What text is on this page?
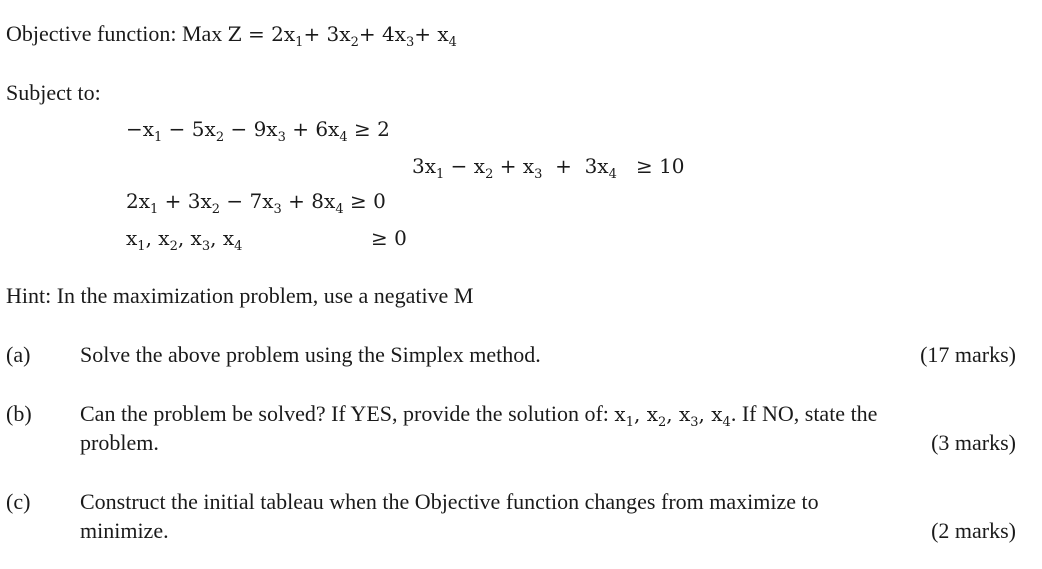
Objective function: Max $Z = 2x_1+ 3x_2+ 4x_3+ x_4$
Subject to:
$-x_1 - 5x_2 - 9x_3 + 6x_4 \ge 2$
$3x_1 - x_2 + x_3 + 3x_4 \ge 10$
$2x_1 + 3x_2 - 7x_3 + 8x_4 \ge 0$
$x_1$, $x_2$, $x_3$, $x_4$	≥ 0
Hint: In the maximization problem, use a negative M
(a) Solve the above problem using the Simplex method.	(17 marks)
(b) Can the problem be solved? If YES, provide the solution of: $x_1$, $x_2$, $x_3$, $x_4$. If NO, state the
problem.	(3 marks)
(c) Construct the initial tableau when the Objective function changes from maximize to
minimize.	(2 marks)
